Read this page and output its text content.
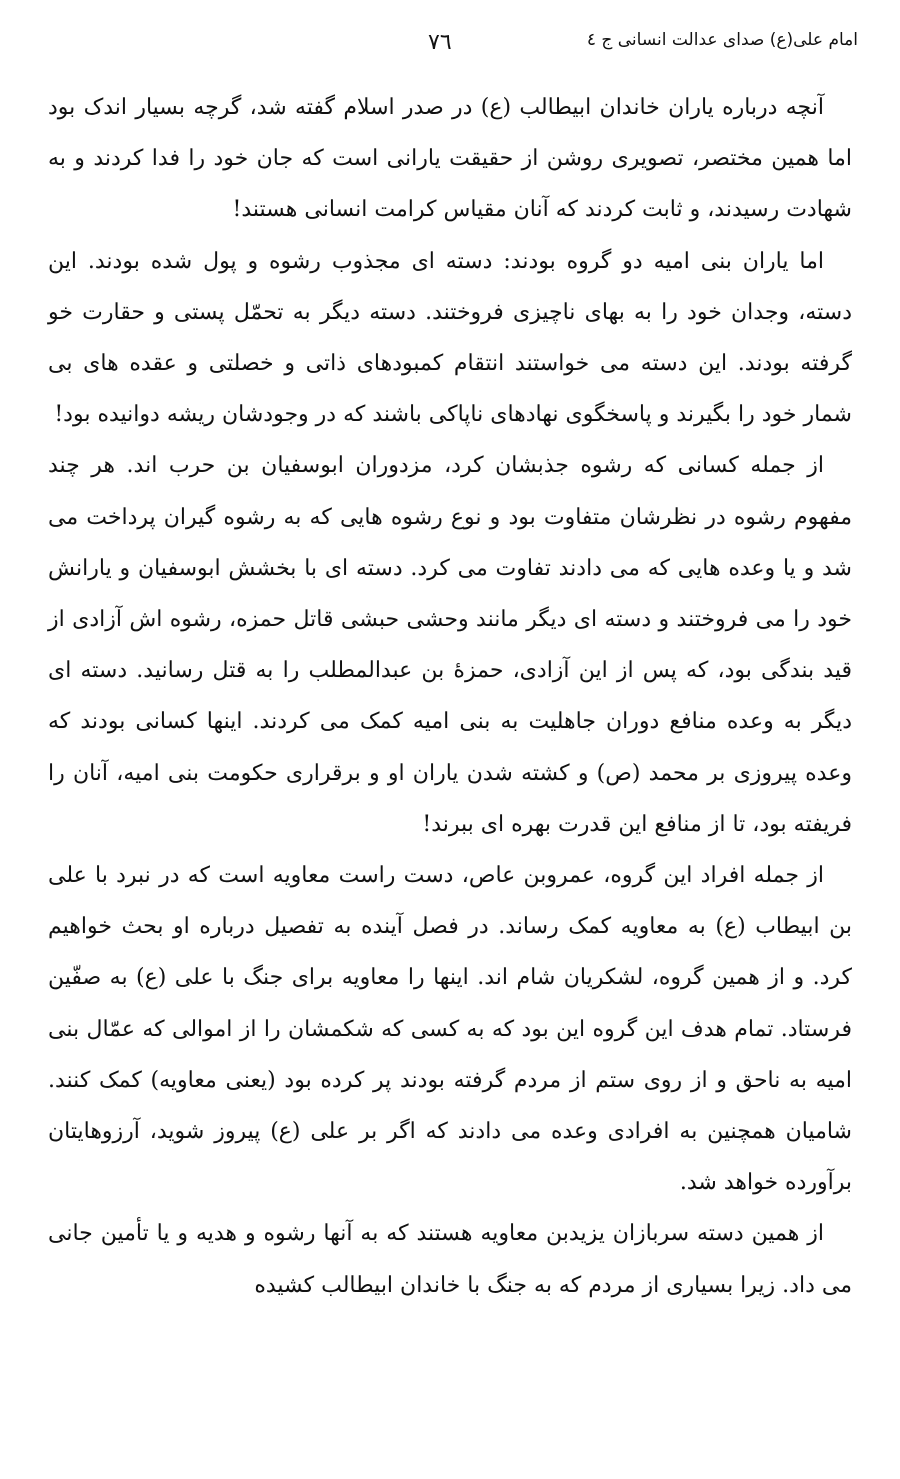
امام علی(ع) صدای عدالت انسانی ج ٤
٧٦

آنچه درباره یاران خاندان ابیطالب (ع) در صدر اسلام گفته شد، گرچه بسیار اندک بود اما همین مختصر، تصویری روشن از حقیقت یارانی است که جان خود را فدا کردند و به شهادت رسیدند، و ثابت کردند که آنان مقیاس کرامت انسانی هستند!

اما یاران بنی امیه دو گروه بودند: دسته ای مجذوب رشوه و پول شده بودند. این دسته، وجدان خود را به بهای ناچیزی فروختند. دسته دیگر به تحمّل پستی و حقارت خو گرفته بودند. این دسته می خواستند انتقام کمبودهای ذاتی و خصلتی و عقده های بی شمار خود را بگیرند و پاسخگوی نهادهای ناپاکی باشند که در وجودشان ریشه دوانیده بود!

از جمله کسانی که رشوه جذبشان کرد، مزدوران ابوسفیان بن حرب اند. هر چند مفهوم رشوه در نظرشان متفاوت بود و نوع رشوه هایی که به رشوه گیران پرداخت می شد و یا وعده هایی که می دادند تفاوت می کرد. دسته ای با بخشش ابوسفیان و یارانش خود را می فروختند و دسته ای دیگر مانند وحشی حبشی قاتل حمزه، رشوه اش آزادی از قید بندگی بود، که پس از این آزادی، حمزهٔ بن عبدالمطلب را به قتل رسانید. دسته ای دیگر به وعده منافع دوران جاهلیت به بنی امیه کمک می کردند. اینها کسانی بودند که وعده پیروزی بر محمد (ص) و کشته شدن یاران او و برقراری حکومت بنی امیه، آنان را فریفته بود، تا از منافع این قدرت بهره ای ببرند!

از جمله افراد این گروه، عمروبن عاص، دست راست معاویه است که در نبرد با علی بن ابیطاب (ع) به معاویه کمک رساند. در فصل آینده به تفصیل درباره او بحث خواهیم کرد. و از همین گروه، لشکریان شام اند. اینها را معاویه برای جنگ با علی (ع) به صفّین فرستاد. تمام هدف این گروه این بود که به کسی که شکمشان را از اموالی که عمّال بنی امیه به ناحق و از روی ستم از مردم گرفته بودند پر کرده بود (یعنی معاویه) کمک کنند. شامیان همچنین به افرادی وعده می دادند که اگر بر علی (ع) پیروز شوید، آرزوهایتان برآورده خواهد شد.

از همین دسته سربازان یزیدبن معاویه هستند که به آنها رشوه و هدیه و یا تأمین جانی می داد. زیرا بسیاری از مردم که به جنگ با خاندان ابیطالب کشیده
